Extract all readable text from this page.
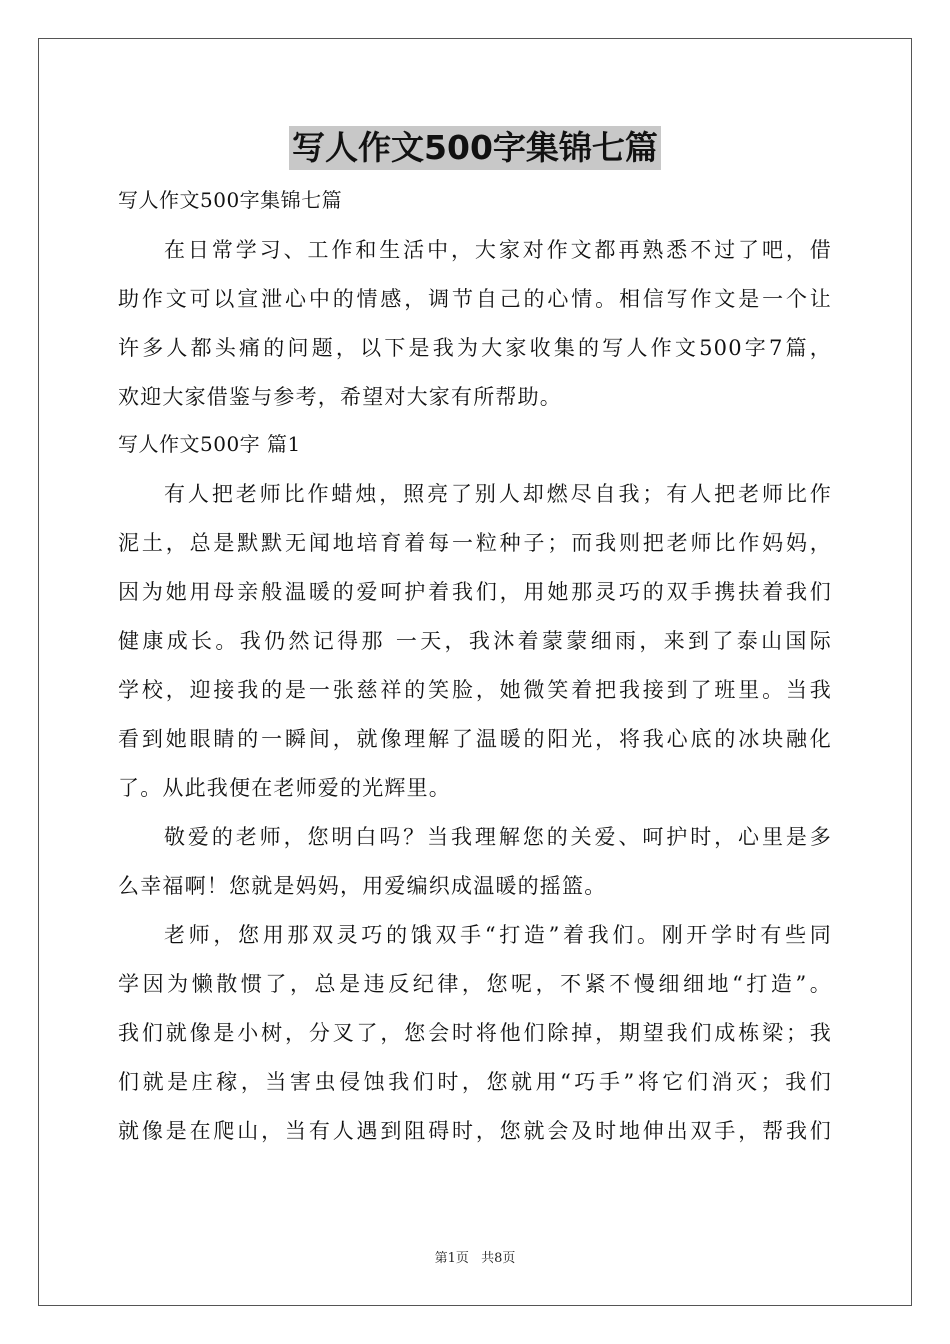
写人作文500字集锦七篇
写人作文500字集锦七篇
在日常学习、工作和生活中，大家对作文都再熟悉不过了吧，借
助作文可以宣泄心中的情感，调节自己的心情。相信写作文是一个让
许多人都头痛的问题，以下是我为大家收集的写人作文500字7篇，
欢迎大家借鉴与参考，希望对大家有所帮助。
写人作文500字 篇1
有人把老师比作蜡烛，照亮了别人却燃尽自我；有人把老师比作
泥土，总是默默无闻地培育着每一粒种子；而我则把老师比作妈妈，
因为她用母亲般温暖的爱呵护着我们，用她那灵巧的双手携扶着我们
健康成长。我仍然记得那 一天，我沐着蒙蒙细雨，来到了泰山国际
学校，迎接我的是一张慈祥的笑脸，她微笑着把我接到了班里。当我
看到她眼睛的一瞬间，就像理解了温暖的阳光，将我心底的冰块融化
了。从此我便在老师爱的光辉里。
敬爱的老师，您明白吗？当我理解您的关爱、呵护时，心里是多
么幸福啊！您就是妈妈，用爱编织成温暖的摇篮。
老师，您用那双灵巧的饿双手“打造”着我们。刚开学时有些同
学因为懒散惯了，总是违反纪律，您呢，不紧不慢细细地“打造”。
我们就像是小树，分叉了，您会时将他们除掉，期望我们成栋梁；我
们就是庄稼，当害虫侵蚀我们时，您就用“巧手”将它们消灭；我们
就像是在爬山，当有人遇到阻碍时，您就会及时地伸出双手，帮我们
第1页 共8页
